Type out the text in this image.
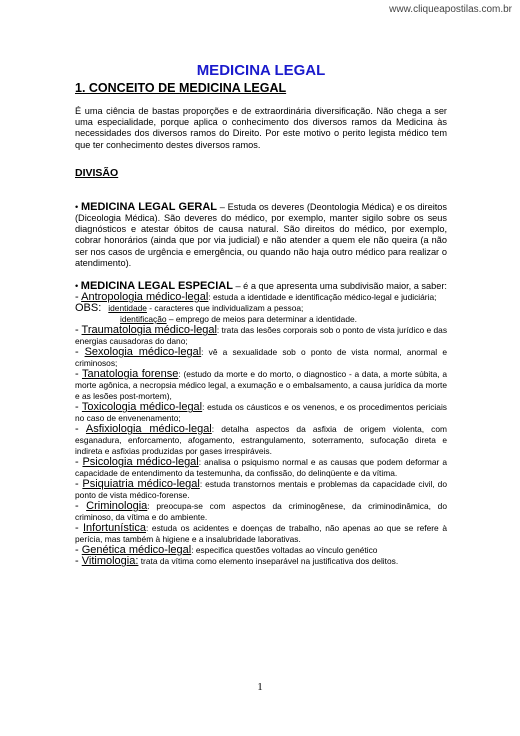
www.cliqueapostilas.com.br
MEDICINA LEGAL
1. CONCEITO DE MEDICINA LEGAL

É uma ciência de bastas proporções e de extraordinária diversificação. Não chega a ser uma especialidade, porque aplica o conhecimento dos diversos ramos da Medicina às necessidades dos diversos ramos do Direito. Por este motivo o perito legista médico tem que ter conhecimento destes diversos ramos.

DIVISÃO

• MEDICINA LEGAL GERAL – Estuda os deveres (Deontologia Médica) e os direitos (Diceologia Médica). São deveres do médico, por exemplo, manter sigilo sobre os seus diagnósticos e atestar óbitos de causa natural. São direitos do médico, por exemplo, cobrar honorários (ainda que por via judicial) e não atender a quem ele não queira (a não ser nos casos de urgência e emergência, ou quando não haja outro médico para realizar o atendimento).

• MEDICINA LEGAL ESPECIAL – é a que apresenta uma subdivisão maior, a saber:

- Antropologia médico-legal: estuda a identidade e identificação médico-legal e judiciária;
OBS: identidade - caracteres que individualizam a pessoa;
identificação – emprego de meios para determinar a identidade.
- Traumatologia médico-legal: trata das lesões corporais sob o ponto de vista jurídico e das energias causadoras do dano;
- Sexologia médico-legal: vê a sexualidade sob o ponto de vista normal, anormal e criminosos;
- Tanatologia forense: (estudo da morte e do morto, o diagnostico - a data, a morte súbita, a morte agônica, a necropsia médico legal, a exumação e o embalsamento, a causa jurídica da morte e as lesões post-mortem),
- Toxicologia médico-legal: estuda os cáusticos e os venenos, e os procedimentos periciais no caso de envenenamento;
- Asfixiologia médico-legal: detalha aspectos da asfixia de origem violenta, com esganadura, enforcamento, afogamento, estrangulamento, soterramento, sufocação direta e indireta e asfixias produzidas por gases irrespiráveis.
- Psicologia médico-legal: analisa o psiquismo normal e as causas que podem deformar a capacidade de entendimento da testemunha, da confissão, do delinqüente e da vítima.
- Psiquiatria médico-legal: estuda transtornos mentais e problemas da capacidade civil, do ponto de vista médico-forense.
- Criminologia: preocupa-se com aspectos da criminogênese, da criminodinâmica, do criminoso, da vítima e do ambiente.
- Infortunística: estuda os acidentes e doenças de trabalho, não apenas ao que se refere à perícia, mas também à higiene e a insalubridade laborativas.
- Genética médico-legal: especifica questões voltadas ao vínculo genético
- Vitimologia: trata da vítima como elemento inseparável na justificativa dos delitos.
1
